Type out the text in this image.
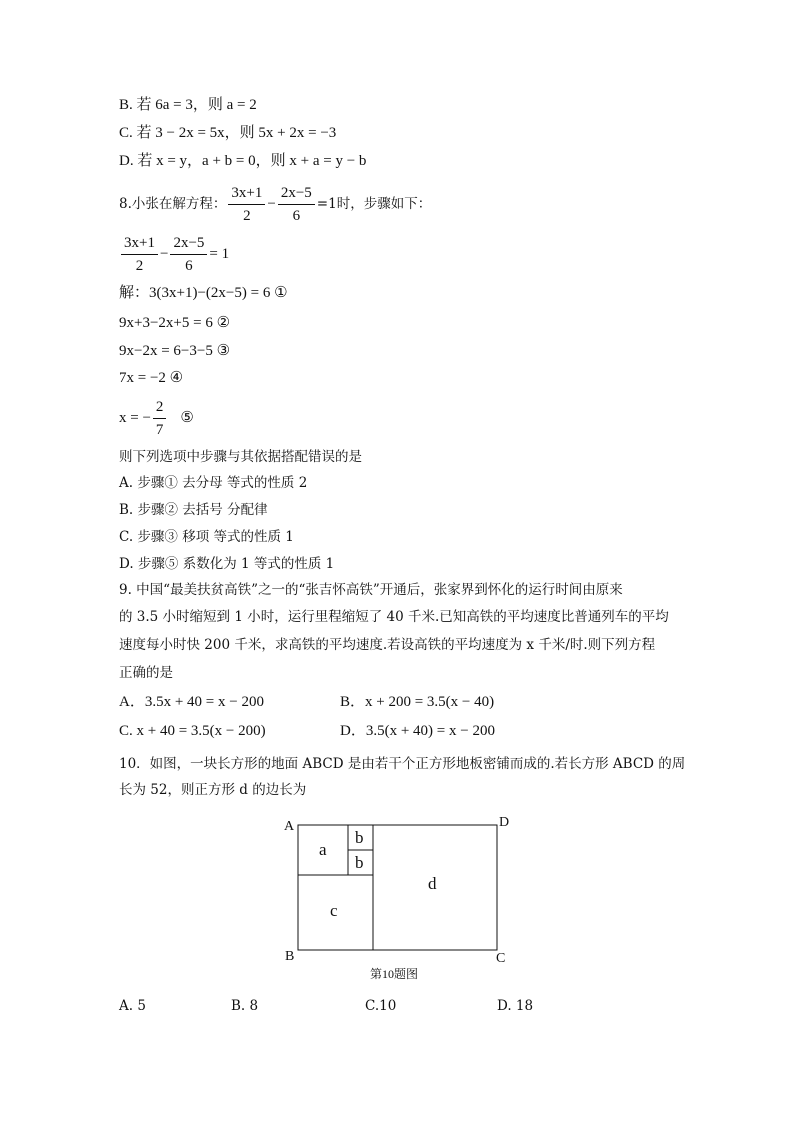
B. 若 6a = 3，则 a = 2
C. 若 3 − 2x = 5x，则 5x + 2x = −3
D. 若 x = y，a + b = 0，则 x + a = y − b
8.小张在解方程： $\frac{3x+1}{2} - \frac{2x-5}{6} =1$时，步骤如下：
$\frac{3x+1}{2} - \frac{2x-5}{6} = 1$
解：3(3x+1)−(2x−5) = 6 ①
9x+3−2x+5 = 6 ②
9x−2x = 6−3−5 ③
7x = −2 ④
x = − $\frac{2}{7}$ ⑤
则下列选项中步骤与其依据搭配错误的是
A. 步骤① 去分母 等式的性质 2
B. 步骤② 去括号 分配律
C. 步骤③ 移项 等式的性质 1
D. 步骤⑤ 系数化为 1 等式的性质 1
9. 中国“最美扶贫高铁”之一的“张吉怀高铁”开通后，张家界到怀化的运行时间由原来
的 3.5 小时缩短到 1 小时，运行里程缩短了 40 千米.已知高铁的平均速度比普通列车的平均
速度每小时快 200 千米，求高铁的平均速度.若设高铁的平均速度为 x 千米/时.则下列方程
正确的是
A．3.5x + 40 = x − 200	B．x + 200 = 3.5(x − 40)
C. x + 40 = 3.5(x − 200)	D．3.5(x + 40) = x − 200
10．如图，一块长方形的地面 ABCD 是由若干个正方形地板密铺而成的.若长方形 ABCD 的周
长为 52，则正方形 d 的边长为
A	D
B	C
a
b
b
c
d
第10题图
A. 5	B. 8	C.10	D. 18
